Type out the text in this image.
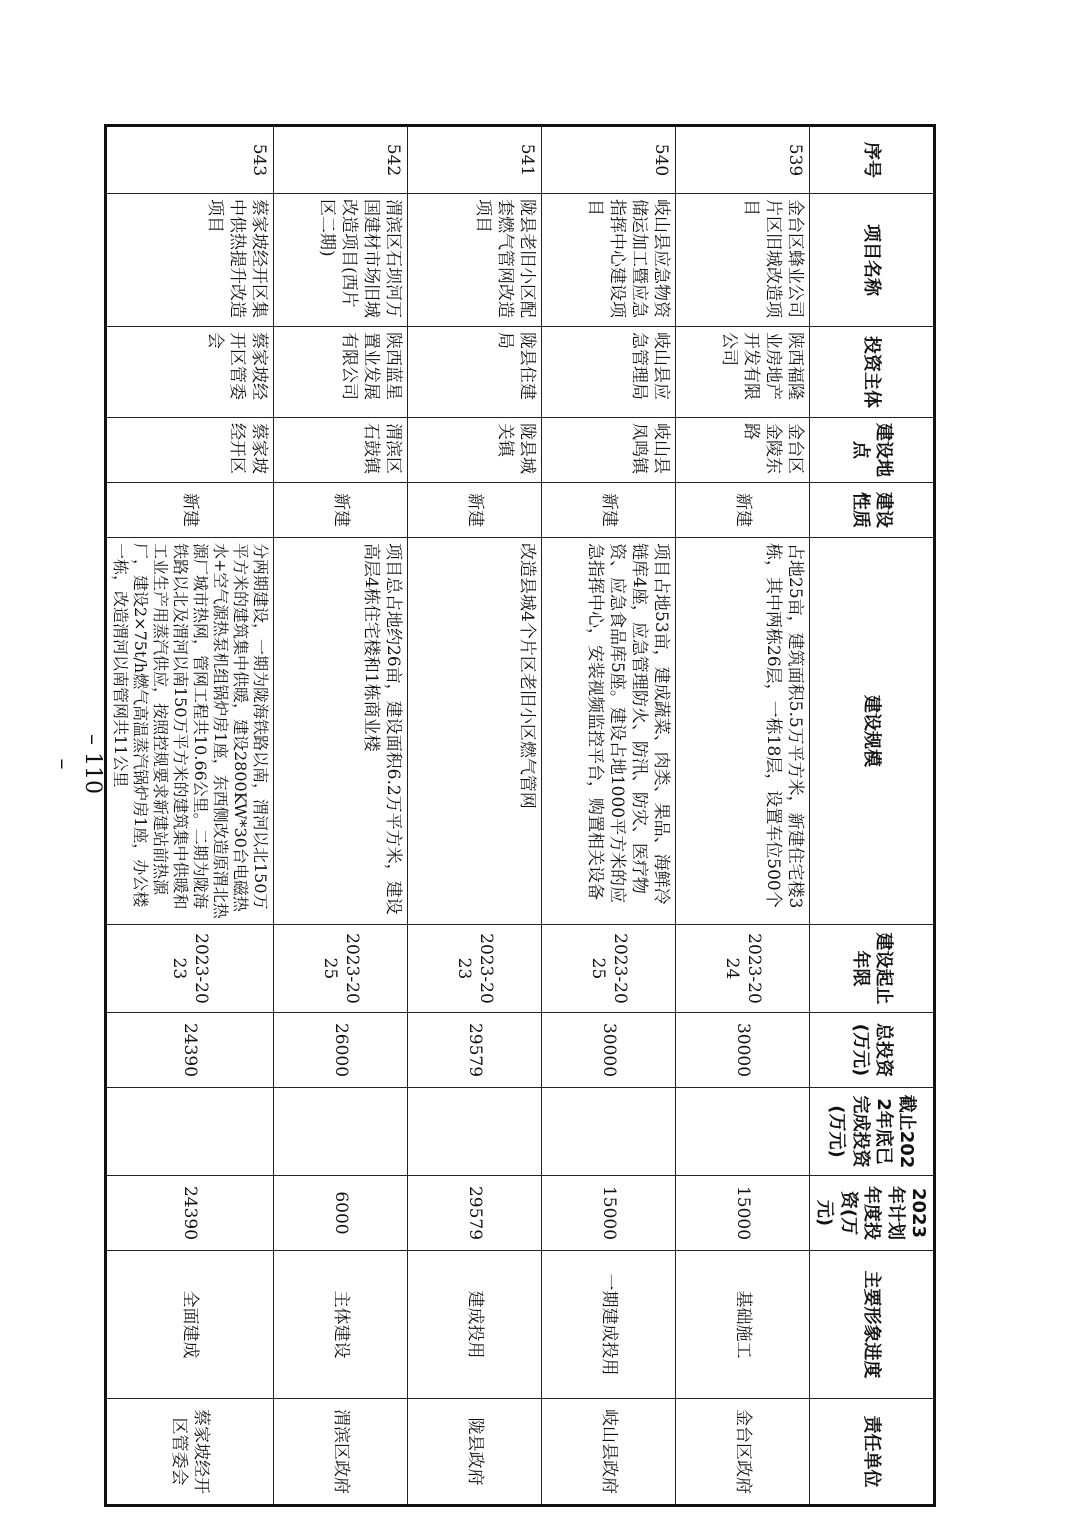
– 110 –
序号	项目名称	投资主体	建设地点	建设性质	建设规模	建设起止年限	总投资(万元)	截止2022年底已完成投资(万元)	2023年计划年度投资(万元)	主要形象进度	责任单位
539	金台区蜂业公司片区旧城改造项目	陕西福隆业房地产开发有限公司	金台区金陵东路	新建	占地25亩，建筑面积5.5万平方米，新建住宅楼3栋，其中两栋26层，一栋18层，设置车位500个	2023-2024	30000		15000	基础施工	金台区政府
540	岐山县应急物资储运加工暨应急指挥中心建设项目	岐山县应急管理局	岐山县凤鸣镇	新建	项目占地53亩，建成蔬菜、肉类、果品、海鲜冷链库4座，应急管理防火、防汛、防灾、医疗物资、应急食品库5座。建设占地1000平方米的应急指挥中心，安装视频监控平台，购置相关设备	2023-2025	30000		15000	一期建成投用	岐山县政府
541	陇县老旧小区配套燃气管网改造项目	陇县住建局	陇县城关镇	新建	改造县城4个片区老旧小区燃气管网	2023-2023	29579		29579	建成投用	陇县政府
542	渭滨区石坝河万国建材市场旧城改造项目(西片区二期)	陕西蓝星置业发展有限公司	渭滨区石鼓镇	新建	项目总占地约26亩，建设面积6.2万平方米，建设高层4栋住宅楼和1栋商业楼	2023-2025	26000		6000	主体建设	渭滨区政府
543	蔡家坡经开区集中供热提升改造项目	蔡家坡经开区管委会	蔡家坡经开区	新建	分两期建设，一期为陇海铁路以南，渭河以北150万平方米的建筑集中供暖，建设2800KW*30台电磁热水+空气源热泵机组锅炉房1座，东西侧改造原渭北热源厂城市热网，管网工程共10.66公里。二期为陇海铁路以北及渭河以南150万平方米的建筑集中供暖和工业生产用蒸汽供应，按照控规要求新建站前热源厂，建设2×75t/h燃气高温蒸汽锅炉房1座，办公楼一栋，改造渭河以南管网共11公里	2023-2023	24390		24390	全面建成	蔡家坡经开区管委会
